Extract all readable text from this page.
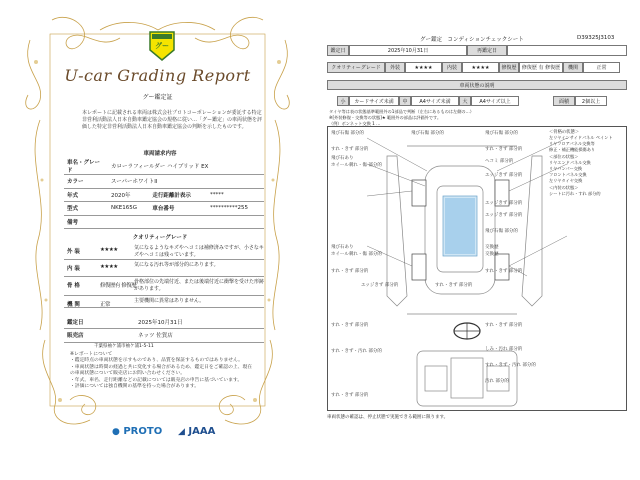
グー
U-car Grading Report
グー鑑定証
本レポートに記載される車両は株式会社プロトコーポレーションが委託する特定非営利活動法人日本自動車鑑定協会の規格に従い…「グー鑑定」の車両状態を評価した特定非営利活動法人日本自動車鑑定協会の判断を示したものです。
車両請求内容
車名・グレード	カローラフィールダー ハイブリッド EX		
カラー	スーパーホワイトII		
年式	2020年	走行距離計表示	*****
型式	NKE165G	車台番号	**********255
備考			
クオリティーグレード
外 装	★★★★	気になるようなキズやヘコミは補修済みですが、小さなキズやヘコミは残っています。
内 装	★★★★	気になる汚れ等が部分的にあります。
骨 格	修復歴有 修復歴
骨格部位の先端付近、または後端付近に衝撃を受けた形跡があります。
機 関	正常
主要機関に異常はありません。
鑑定日	2025年10月31日
販売店	ネッツ 佐賀店
千葉県袖ケ浦市袖ケ浦1-5-11
※レポートについて
・鑑定時点の車両状態を示すものであり、品質を保証するものではありません。
・車両状態は時間の経過と共に変化する場合があるため、鑑定日をご確認の上、現在の車両状態について販売店にお問い合わせください。
・年式、車名、走行距離などの記載については販売店の申告に基づいています。
・評価については独自機関の基準を持った場合があります。
● PROTO ◢ JAAA
グー鑑定　コンディションチェックシート	D39325J3103
鑑定日	2025年10月31日	再鑑定日
クオリティーグレード	外装	★★★★	内装	★★★★	修復歴	修復歴 有 修復歴	機関	正常
車両状態の説明
小	カードサイズ未満	中	A4サイズ未満	大	A4サイズ以上	面積	2個以上
タイヤ等は表の状態基準範囲外の1部品で判断（左右にあるものは左側の…）
※[外装修復・交換等の状態]★ 範囲外の部品は評価外です。
（例）ボンネット交換 1 …
飛び石傷 部分的	飛び石傷 部分的	飛び石傷 部分的
すれ・きず 部分的
飛び石あり
ホイール刺れ・傷 部分的
すれ・きず 部分的
ヘコミ 部分的
エッジきず 部分的
エッジきず 部分的
エッジきず 部分的
飛び石傷 部分的
飛び石あり
ホイール刺れ・傷 部分的
交換歴
交換歴
すれ・きず 部分的
エッジきず 部分的	すれ・きず 部分的
すれ・きず 部分的
すれ・きず・汚れ 部分的	しみ・汚れ 部分的
すれ・きず・汚れ 部分的
すれ・きず 部分的	すれ・きず 部分的
汚れ 部分的
すれ・きず 部分的
＜骨格の状態＞
左リヤインサイドパネル ペイント
リヤフロアパネル交換等
修正・補正機能損傷あり
＜部位の状態＞
リヤエンドパネル交換
リヤバンパー交換
フロントパネル交換
左リヤタイヤ交換
＜内装の状態＞
シートに汚れ・すれ 部分的
車両状態の確認は、停止状態で実施できる範囲に限ります。
